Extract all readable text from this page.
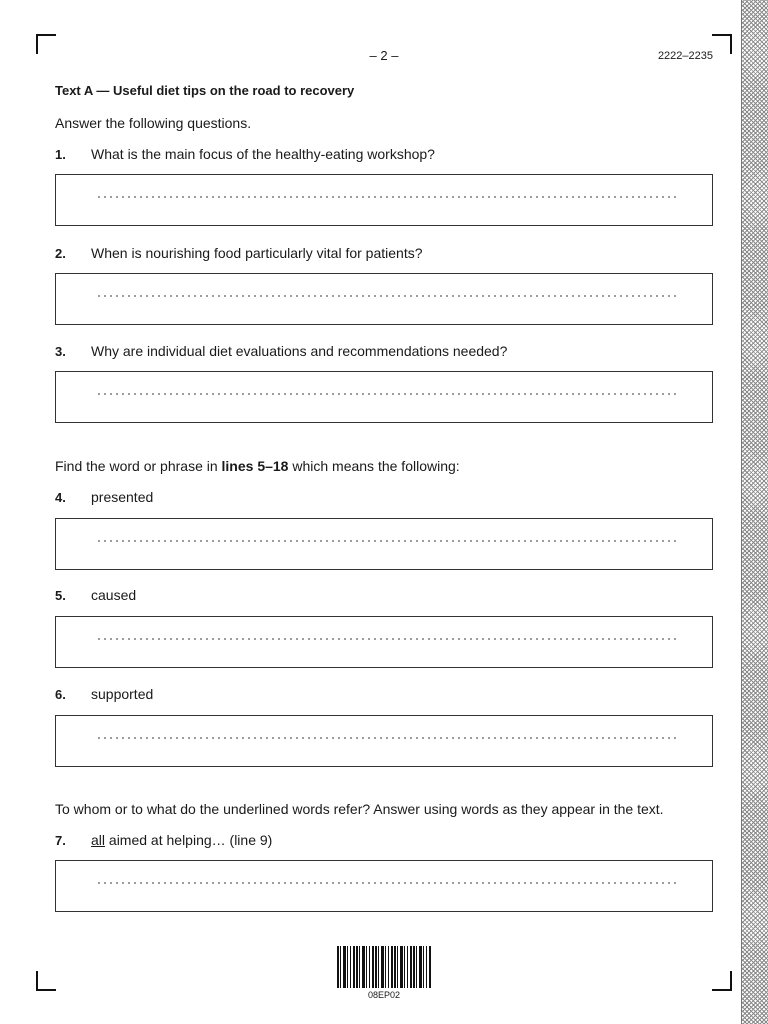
– 2 –	2222–2235
Text A — Useful diet tips on the road to recovery
Answer the following questions.
1. What is the main focus of the healthy-eating workshop?
2. When is nourishing food particularly vital for patients?
3. Why are individual diet evaluations and recommendations needed?
Find the word or phrase in lines 5–18 which means the following:
4. presented
5. caused
6. supported
To whom or to what do the underlined words refer? Answer using words as they appear in the text.
7. all aimed at helping… (line 9)
08EP02
